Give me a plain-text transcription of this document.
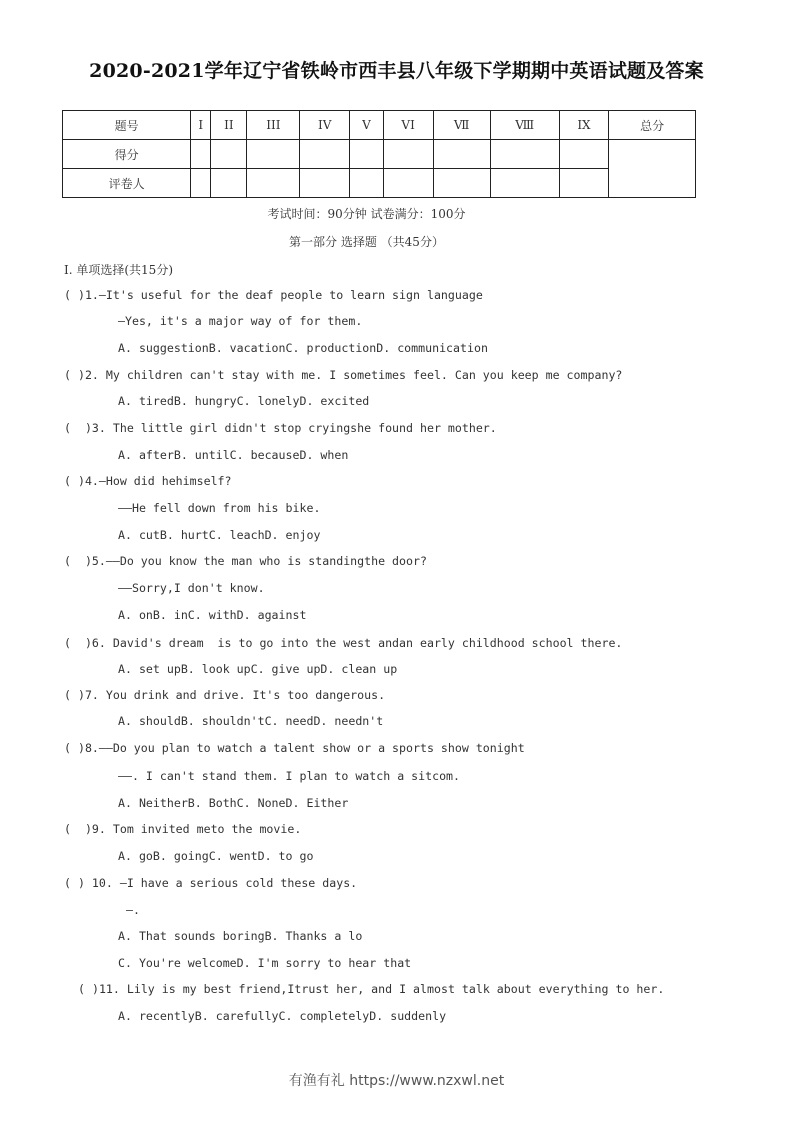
2020-2021学年辽宁省铁岭市西丰县八年级下学期期中英语试题及答案
题号	I	II	III	IV	V	VI	Ⅶ	Ⅷ	IX	总分
得分										
评卷人										
考试时间：90分钟 试卷满分：100分
第一部分 选择题 （共45分）
I. 单项选择(共15分)
( )1.—It's useful for the deaf people to learn sign language
—Yes, it's a major way of for them.
A. suggestionB. vacationC. productionD. communication
( )2. My children can't stay with me. I sometimes feel. Can you keep me company?
A. tiredB. hungryC. lonelyD. excited
(  )3. The little girl didn't stop cryingshe found her mother.
A. afterB. untilC. becauseD. when
( )4.—How did hehimself?
——He fell down from his bike.
A. cutB. hurtC. leachD. enjoy
(  )5.——Do you know the man who is standingthe door?
——Sorry,I don't know.
A. onB. inC. withD. against
(  )6. David's dream  is to go into the west andan early childhood school there.
A. set upB. look upC. give upD. clean up
( )7. You drink and drive. It's too dangerous.
A. shouldB. shouldn'tC. needD. needn't
( )8.——Do you plan to watch a talent show or a sports show tonight
——. I can't stand them. I plan to watch a sitcom.
A. NeitherB. BothC. NoneD. Either
(  )9. Tom invited meto the movie.
A. goB. goingC. wentD. to go
( ) 10. —I have a serious cold these days.
—.
A. That sounds boringB. Thanks a lo
C. You're welcomeD. I'm sorry to hear that
( )11. Lily is my best friend,Itrust her, and I almost talk about everything to her.
A. recentlyB. carefullyC. completelyD. suddenly
有渔有礼 https://www.nzxwl.net
